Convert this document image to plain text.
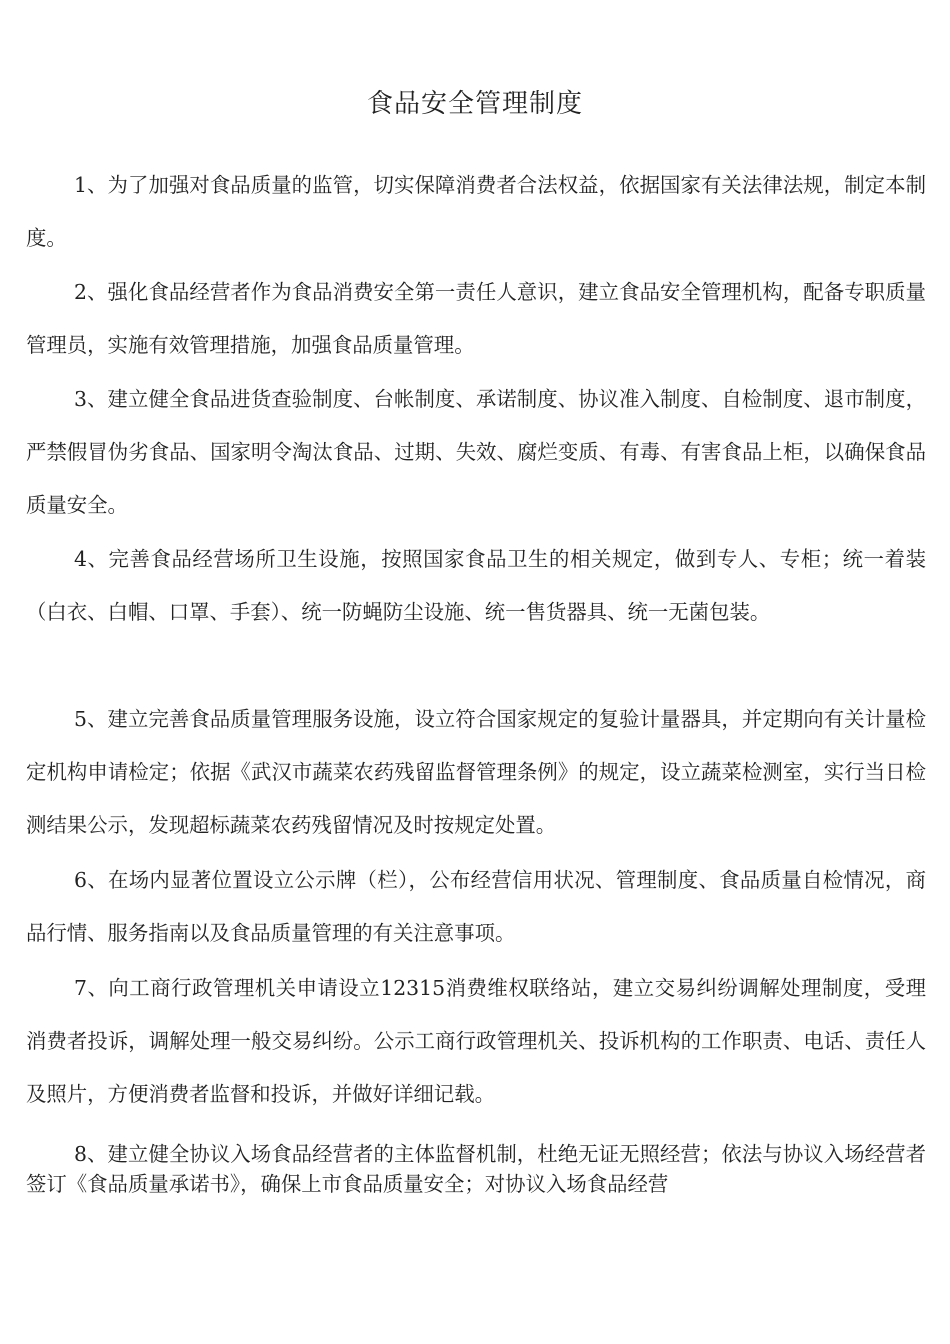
食品安全管理制度

1、为了加强对食品质量的监管，切实保障消费者合法权益，依据国家有关法律法规，制定本制度。

2、强化食品经营者作为食品消费安全第一责任人意识，建立食品安全管理机构，配备专职质量管理员，实施有效管理措施，加强食品质量管理。

3、建立健全食品进货查验制度、台帐制度、承诺制度、协议准入制度、自检制度、退市制度，严禁假冒伪劣食品、国家明令淘汰食品、过期、失效、腐烂变质、有毒、有害食品上柜，以确保食品质量安全。

4、完善食品经营场所卫生设施，按照国家食品卫生的相关规定，做到专人、专柜；统一着装（白衣、白帽、口罩、手套）、统一防蝇防尘设施、统一售货器具、统一无菌包装。

5、建立完善食品质量管理服务设施，设立符合国家规定的复验计量器具，并定期向有关计量检定机构申请检定；依据《武汉市蔬菜农药残留监督管理条例》的规定，设立蔬菜检测室，实行当日检测结果公示，发现超标蔬菜农药残留情况及时按规定处置。

6、在场内显著位置设立公示牌（栏），公布经营信用状况、管理制度、食品质量自检情况，商品行情、服务指南以及食品质量管理的有关注意事项。

7、向工商行政管理机关申请设立12315消费维权联络站，建立交易纠纷调解处理制度，受理消费者投诉，调解处理一般交易纠纷。公示工商行政管理机关、投诉机构的工作职责、电话、责任人及照片，方便消费者监督和投诉，并做好详细记载。

8、建立健全协议入场食品经营者的主体监督机制，杜绝无证无照经营；依法与协议入场经营者签订《食品质量承诺书》，确保上市食品质量安全；对协议入场食品经营
